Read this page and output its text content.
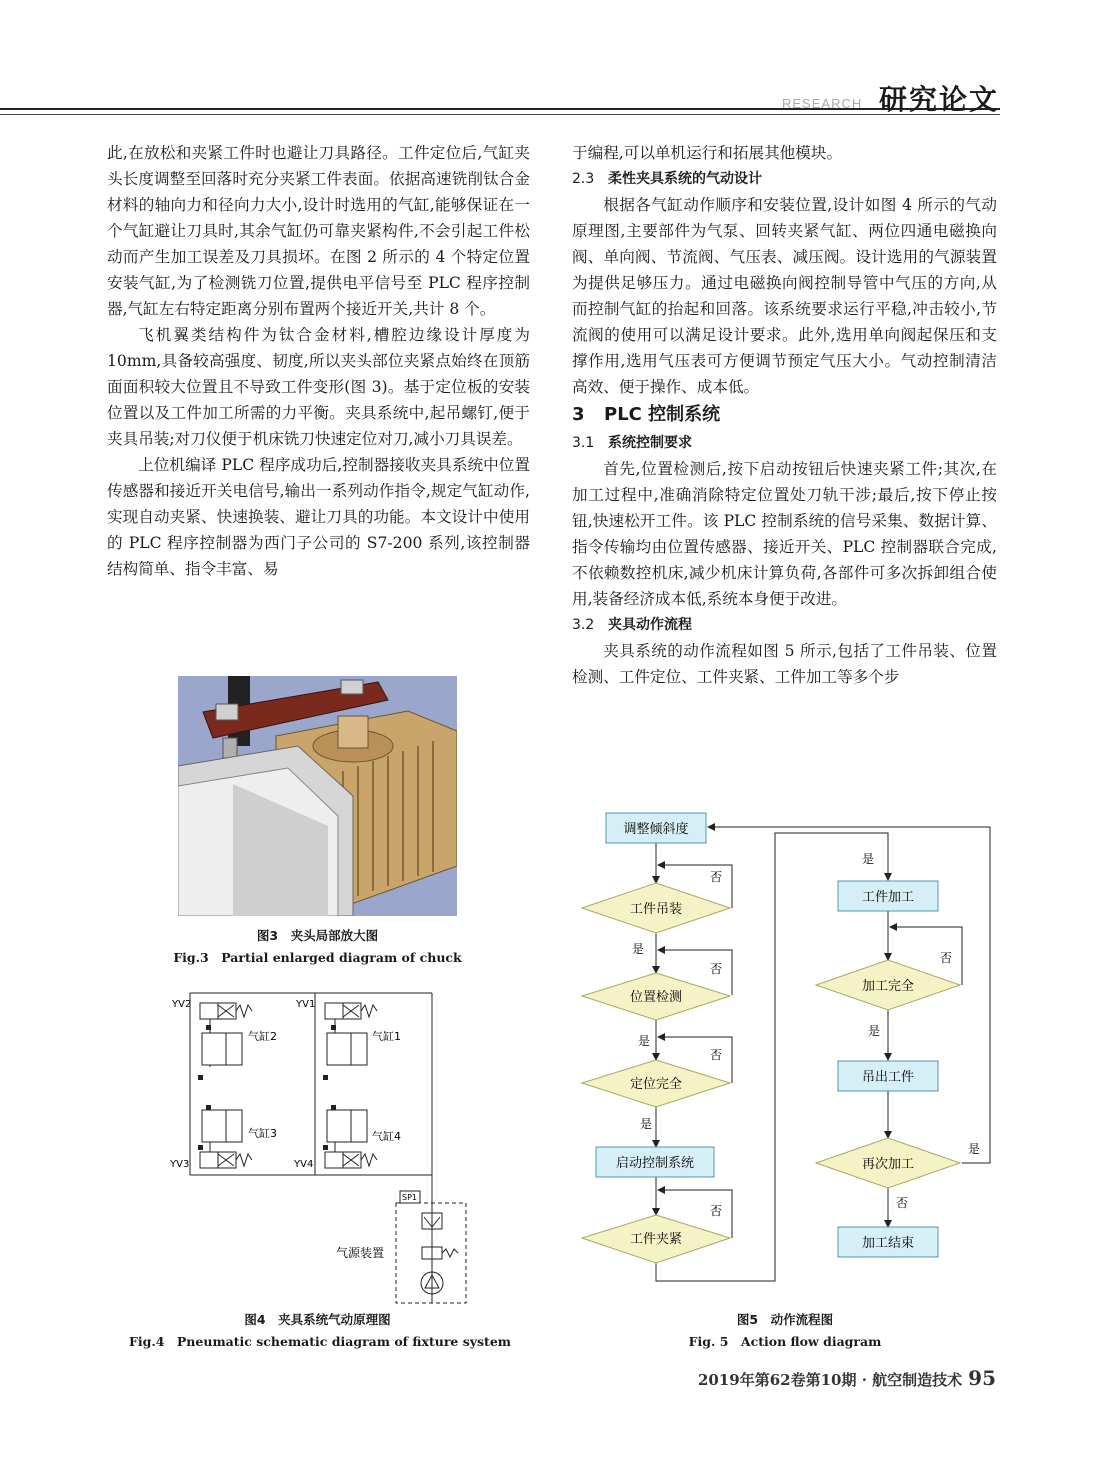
RESEARCH 研究论文

此,在放松和夹紧工件时也避让刀具路径。工件定位后,气缸夹头长度调整至回落时充分夹紧工件表面。依据高速铣削钛合金材料的轴向力和径向力大小,设计时选用的气缸,能够保证在一个气缸避让刀具时,其余气缸仍可靠夹紧构件,不会引起工件松动而产生加工误差及刀具损坏。在图 2 所示的 4 个特定位置安装气缸,为了检测铣刀位置,提供电平信号至 PLC 程序控制器,气缸左右特定距离分别布置两个接近开关,共计 8 个。

飞机翼类结构件为钛合金材料,槽腔边缘设计厚度为 10mm,具备较高强度、韧度,所以夹头部位夹紧点始终在顶筋面面积较大位置且不导致工件变形(图 3)。基于定位板的安装位置以及工件加工所需的力平衡。夹具系统中,起吊螺钉,便于夹具吊装;对刀仪便于机床铣刀快速定位对刀,减小刀具误差。

上位机编译 PLC 程序成功后,控制器接收夹具系统中位置传感器和接近开关电信号,输出一系列动作指令,规定气缸动作,实现自动夹紧、快速换装、避让刀具的功能。本文设计中使用的 PLC 程序控制器为西门子公司的 S7-200 系列,该控制器结构简单、指令丰富、易

于编程,可以单机运行和拓展其他模块。

2.3 柔性夹具系统的气动设计

根据各气缸动作顺序和安装位置,设计如图 4 所示的气动原理图,主要部件为气泵、回转夹紧气缸、两位四通电磁换向阀、单向阀、节流阀、气压表、减压阀。设计选用的气源装置为提供足够压力。通过电磁换向阀控制导管中气压的方向,从而控制气缸的抬起和回落。该系统要求运行平稳,冲击较小,节流阀的使用可以满足设计要求。此外,选用单向阀起保压和支撑作用,选用气压表可方便调节预定气压大小。气动控制清洁高效、便于操作、成本低。

3 PLC 控制系统

3.1 系统控制要求

首先,位置检测后,按下启动按钮后快速夹紧工件;其次,在加工过程中,准确消除特定位置处刀轨干涉;最后,按下停止按钮,快速松开工件。该 PLC 控制系统的信号采集、数据计算、指令传输均由位置传感器、接近开关、PLC 控制器联合完成,不依赖数控机床,减少机床计算负荷,各部件可多次拆卸组合使用,装备经济成本低,系统本身便于改进。

3.2 夹具动作流程

夹具系统的动作流程如图 5 所示,包括了工件吊装、位置检测、工件定位、工件夹紧、工件加工等多个步

图3　夹头局部放大图
Fig.3　Partial enlarged diagram of chuck
YV2	YV1
YV3	YV4
气缸2	气缸1
气缸3	气缸4
SP1
气源装置
图4　夹具系统气动原理图
Fig.4　Pneumatic schematic diagram of fixture system
调整倾斜度
工件吊装
位置检测
定位完全
启动控制系统
工件夹紧
工件加工
加工完全
吊出工件
再次加工
加工结束
否
是
否
是
否
是
否
是
否
是
是
否
图5　动作流程图
Fig. 5　Action flow diagram
2019年第62卷第10期 · 航空制造技术 95
